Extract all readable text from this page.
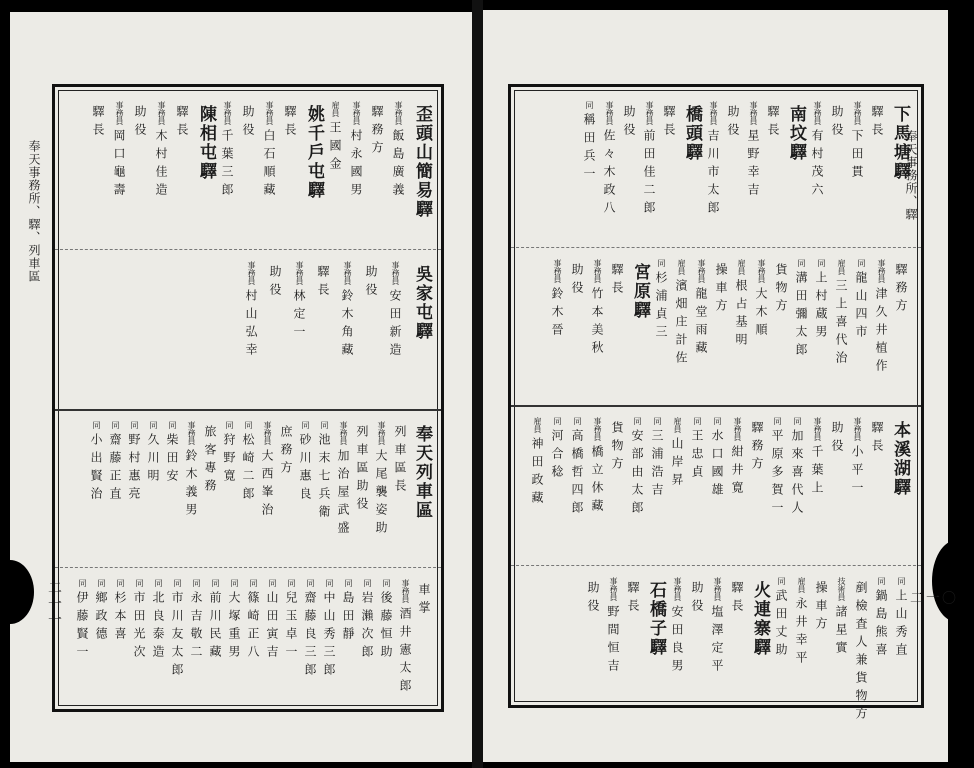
奉天事務所、驛、列車區
二一一
歪頭山簡易驛
事務員飯島廣義
驛務方
事務員村永國男
雇員王國金
姚千戶屯驛
驛長
事務員白石順藏
助役
事務員千葉三郎
陳相屯驛
驛長
事務員木村佳造
助役
事務員岡口龜壽
驛長
吳家屯驛
事務員安田新造
助役
事務員鈴木角藏
驛長
事務員林定一
助役
事務員村山弘幸
奉天列車區
列車區長
事務員大尾襲姿助
列車區助役
事務員加治屋武盛
同池末七兵衛
同砂川惠良
庶務方
事務員大西峯治
同松崎二郎
同狩野寛
旅客專務
事務員鈴木義男
同柴田安
同久川明
同野村惠亮
同齋藤正直
同小出賢治
車掌
事務員酒井憲太郎
同後藤恒助
同岩瀨次郎
同島田靜
同中山秀三郎
同齋藤良三郎
同兒玉卓一
同山田寅吉
同篠崎正八
同大塚重男
同前川民藏
同永吉敬二
同市川友太郎
同北良泰造
同市田光次
同杉本喜
同鄉政德
同伊藤賢一
奉天事務所、驛
二一〇
下馬塘驛
驛長
事務員下田貫
助役
事務員有村茂六
南坟驛
驛長
事務員星野幸吉
助役
事務員吉川市太郎
橋頭驛
驛長
事務員前田佳二郎
助役
事務員佐々木政八
同稱田兵一
驛務方
事務員津久井植作
同龍山四市
雇員三上喜代治
同上村蔵男
同溝田彌太郎
貨物方
事務員大木順
雇員根占基明
操車方
事務員龍堂雨藏
雇員濱畑庄計佐
同杉浦貞三
宮原驛
驛長
事務員竹本美秋
助役
事務員鈴木晉
本溪湖驛
驛長
事務員小平一
助役
事務員千葉上
同加來喜代人
同平原多賀一
驛務方
事務員紺井寛
同水口國雄
同王忠貞
雇員山岸昇
同三浦浩吉
同安部由太郎
貨物方
事務員橋立休藏
同高橋哲四郎
同河合稔
雇員神田政藏
同上山秀直
同鍋島熊喜
剷檢査人兼貨物方
技術員諸星實
操車方
雇員永井幸平
同武田丈助
火連寨驛
驛長
事務員塩澤定平
助役
事務員安田良男
石橋子驛
驛長
事務員野間恒吉
助役
